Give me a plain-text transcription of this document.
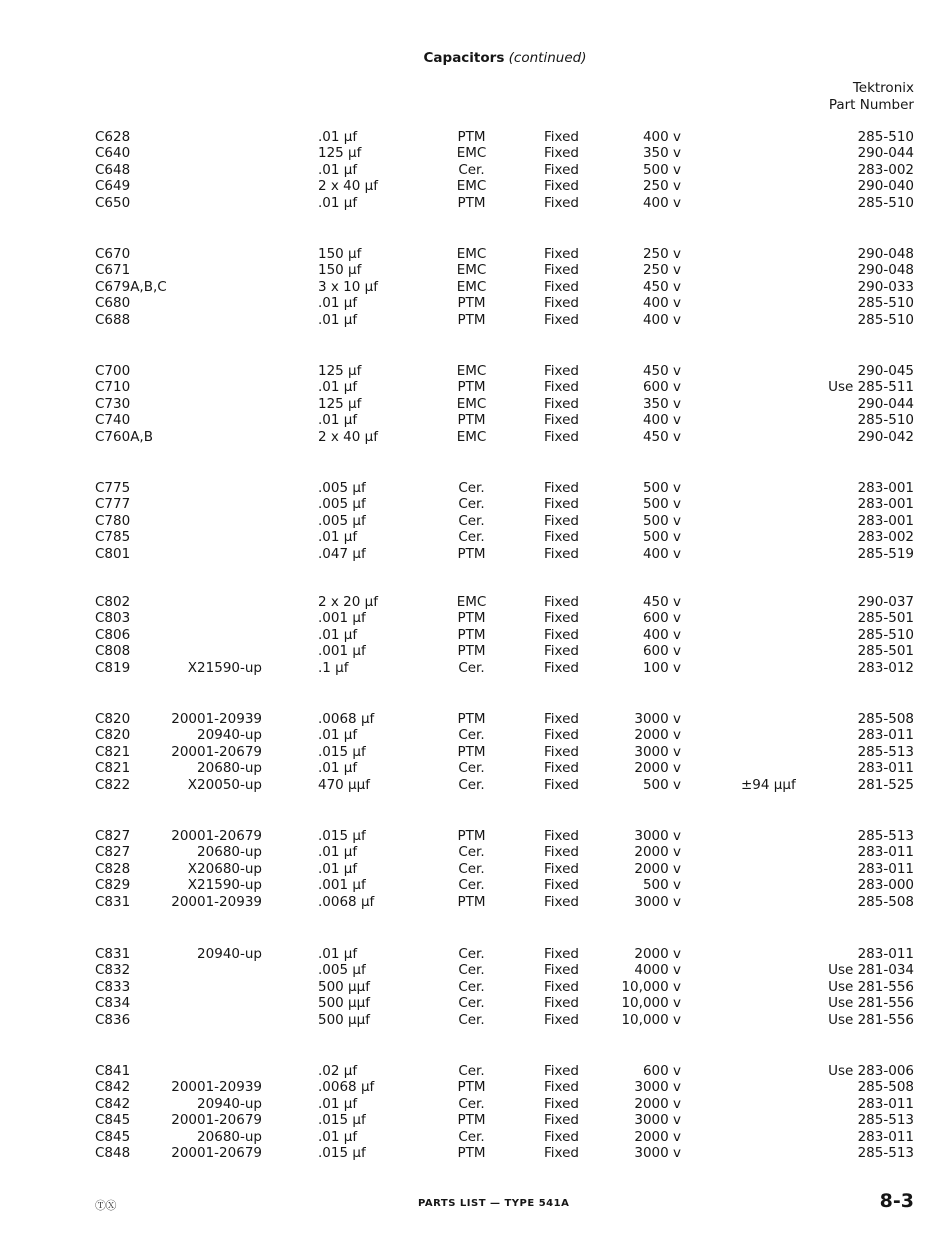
Capacitors (continued)
Tektronix
Part Number
C628	.01 µf	PTM	Fixed	400 v	285-510
C640	125 µf	EMC	Fixed	350 v	290-044
C648	.01 µf	Cer.	Fixed	500 v	283-002
C649	2 x 40 µf	EMC	Fixed	250 v	290-040
C650	.01 µf	PTM	Fixed	400 v	285-510
C670	150 µf	EMC	Fixed	250 v	290-048
C671	150 µf	EMC	Fixed	250 v	290-048
C679A,B,C	3 x 10 µf	EMC	Fixed	450 v	290-033
C680	.01 µf	PTM	Fixed	400 v	285-510
C688	.01 µf	PTM	Fixed	400 v	285-510
C700	125 µf	EMC	Fixed	450 v	290-045
C710	.01 µf	PTM	Fixed	600 v	Use 285-511
C730	125 µf	EMC	Fixed	350 v	290-044
C740	.01 µf	PTM	Fixed	400 v	285-510
C760A,B	2 x 40 µf	EMC	Fixed	450 v	290-042
C775	.005 µf	Cer.	Fixed	500 v	283-001
C777	.005 µf	Cer.	Fixed	500 v	283-001
C780	.005 µf	Cer.	Fixed	500 v	283-001
C785	.01 µf	Cer.	Fixed	500 v	283-002
C801	.047 µf	PTM	Fixed	400 v	285-519
C802	2 x 20 µf	EMC	Fixed	450 v	290-037
C803	.001 µf	PTM	Fixed	600 v	285-501
C806	.01 µf	PTM	Fixed	400 v	285-510
C808	.001 µf	PTM	Fixed	600 v	285-501
C819	X21590-up	.1 µf	Cer.	Fixed	100 v	283-012
C820	20001-20939	.0068 µf	PTM	Fixed	3000 v	285-508
C820	20940-up	.01 µf	Cer.	Fixed	2000 v	283-011
C821	20001-20679	.015 µf	PTM	Fixed	3000 v	285-513
C821	20680-up	.01 µf	Cer.	Fixed	2000 v	283-011
C822	X20050-up	470 µµf	Cer.	Fixed	500 v	±94 µµf	281-525
C827	20001-20679	.015 µf	PTM	Fixed	3000 v	285-513
C827	20680-up	.01 µf	Cer.	Fixed	2000 v	283-011
C828	X20680-up	.01 µf	Cer.	Fixed	2000 v	283-011
C829	X21590-up	.001 µf	Cer.	Fixed	500 v	283-000
C831	20001-20939	.0068 µf	PTM	Fixed	3000 v	285-508
C831	20940-up	.01 µf	Cer.	Fixed	2000 v	283-011
C832	.005 µf	Cer.	Fixed	4000 v	Use 281-034
C833	500 µµf	Cer.	Fixed	10,000 v	Use 281-556
C834	500 µµf	Cer.	Fixed	10,000 v	Use 281-556
C836	500 µµf	Cer.	Fixed	10,000 v	Use 281-556
C841	.02 µf	Cer.	Fixed	600 v	Use 283-006
C842	20001-20939	.0068 µf	PTM	Fixed	3000 v	285-508
C842	20940-up	.01 µf	Cer.	Fixed	2000 v	283-011
C845	20001-20679	.015 µf	PTM	Fixed	3000 v	285-513
C845	20680-up	.01 µf	Cer.	Fixed	2000 v	283-011
C848	20001-20679	.015 µf	PTM	Fixed	3000 v	285-513
ⓉⓍ	PARTS LIST — TYPE 541A	8-3
